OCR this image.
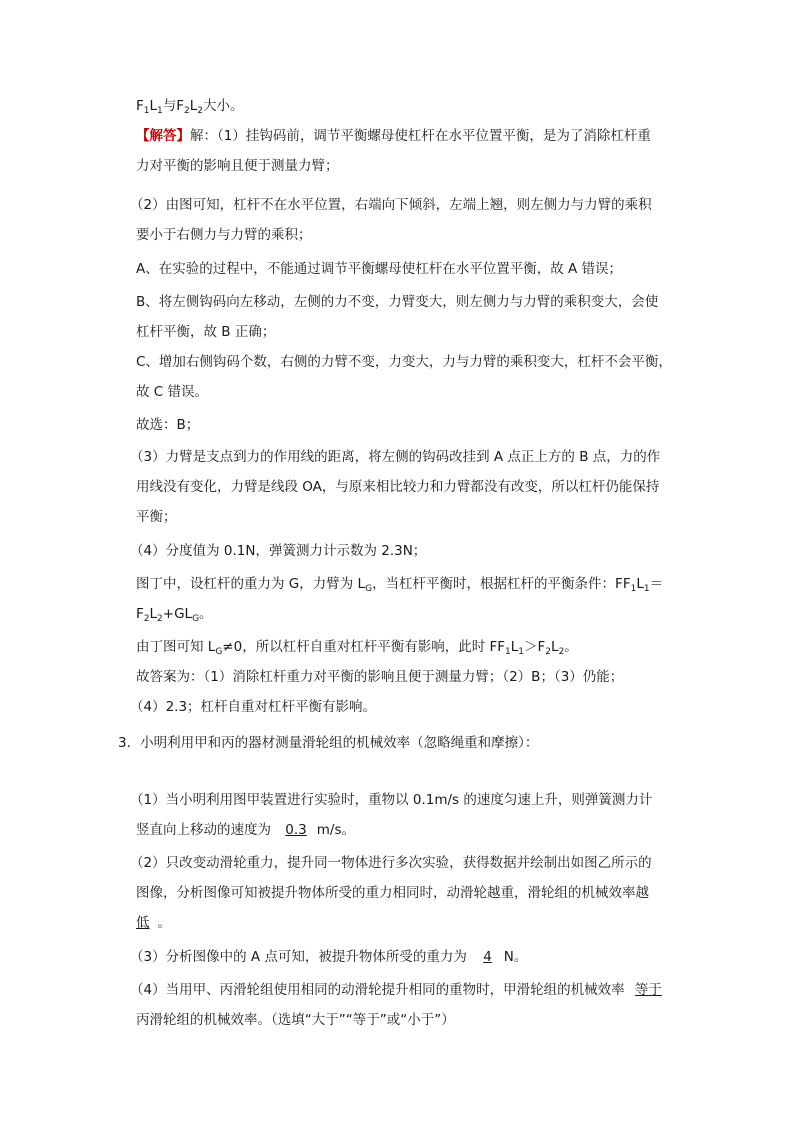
$F_1L_1$与$F_2L_2$大小。
【解答】解：（1）挂钩码前，调节平衡螺母使杠杆在水平位置平衡，是为了消除杠杆重
力对平衡的影响且便于测量力臂；
（2）由图可知，杠杆不在水平位置，右端向下倾斜，左端上翘，则左侧力与力臂的乘积
要小于右侧力与力臂的乘积；
A、在实验的过程中，不能通过调节平衡螺母使杠杆在水平位置平衡，故 A 错误；
B、将左侧钩码向左移动，左侧的力不变，力臂变大，则左侧力与力臂的乘积变大，会使
杠杆平衡，故 B 正确；
C、增加右侧钩码个数，右侧的力臂不变，力变大，力与力臂的乘积变大，杠杆不会平衡，
故 C 错误。
故选：B；
（3）力臂是支点到力的作用线的距离，将左侧的钩码改挂到 A 点正上方的 B 点，力的作
用线没有变化，力臂是线段 OA，与原来相比较力和力臂都没有改变，所以杠杆仍能保持
平衡；
（4）分度值为 0.1N，弹簧测力计示数为 2.3N；
图丁中，设杠杆的重力为 G，力臂为 $L_G$，当杠杆平衡时，根据杠杆的平衡条件：$FF_1L_1=$
$F_2L_2+GL_G$。
由丁图可知 $L_G\ne 0$，所以杠杆自重对杠杆平衡有影响，此时 $FF_1L_1>F_2L_2$。
故答案为：（1）消除杠杆重力对平衡的影响且便于测量力臂；（2）B；（3）仍能；
（4）2.3；杠杆自重对杠杆平衡有影响。
3．小明利用甲和丙的器材测量滑轮组的机械效率（忽略绳重和摩擦）：
（1）当小明利用图甲装置进行实验时，重物以 0.1m/s 的速度匀速上升，则弹簧测力计
竖直向上移动的速度为 0.3 m/s。
（2）只改变动滑轮重力，提升同一物体进行多次实验，获得数据并绘制出如图乙所示的
图像，分析图像可知被提升物体所受的重力相同时，动滑轮越重，滑轮组的机械效率越
低 。
（3）分析图像中的 A 点可知，被提升物体所受的重力为 4 N。
（4）当用甲、丙滑轮组使用相同的动滑轮提升相同的重物时，甲滑轮组的机械效率 等于
丙滑轮组的机械效率。（选填“大于”“等于”或“小于”）
